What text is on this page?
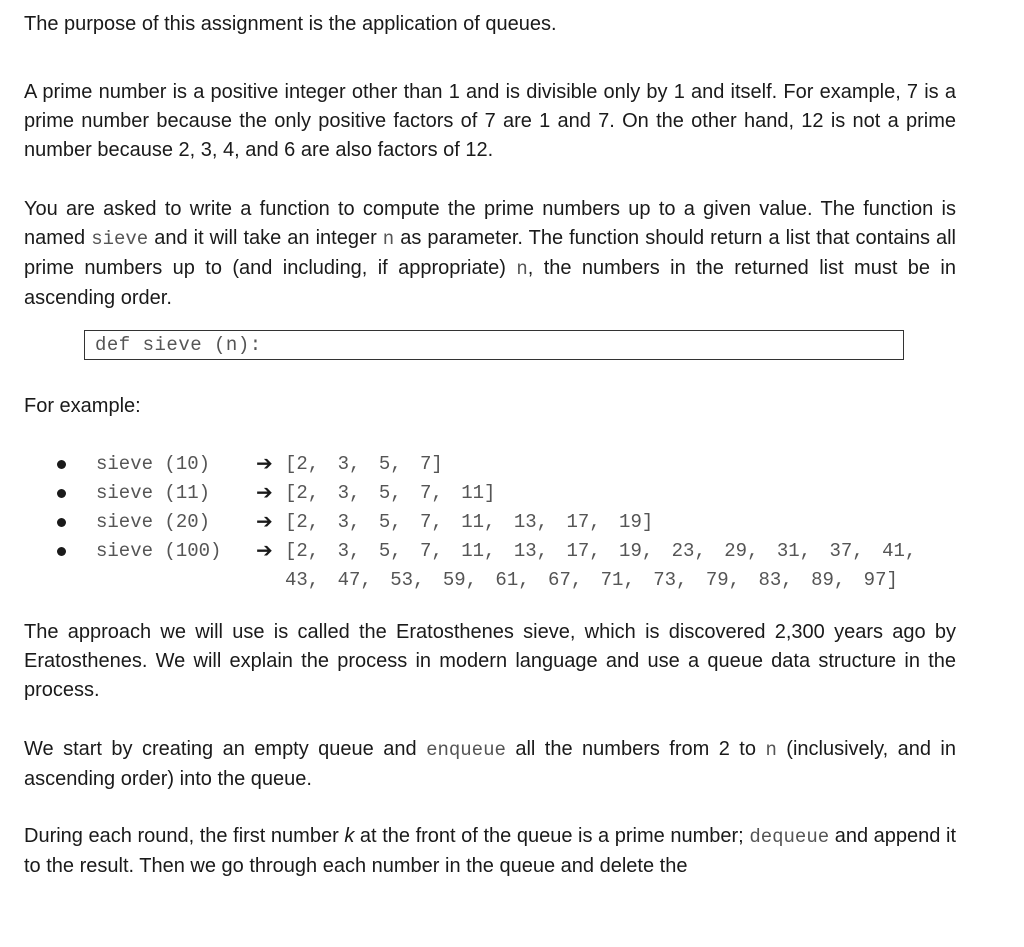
The purpose of this assignment is the application of queues.

A prime number is a positive integer other than 1 and is divisible only by 1 and itself. For example, 7 is a prime number because the only positive factors of 7 are 1 and 7. On the other hand, 12 is not a prime number because 2, 3, 4, and 6 are also factors of 12.

You are asked to write a function to compute the prime numbers up to a given value. The function is named sieve and it will take an integer n as parameter. The function should return a list that contains all prime numbers up to (and including, if appropriate) n, the numbers in the returned list must be in ascending order.

def sieve (n):

For example:

sieve (10) ➔ [2, 3, 5, 7]
sieve (11) ➔ [2, 3, 5, 7, 11]
sieve (20) ➔ [2, 3, 5, 7, 11, 13, 17, 19]
sieve (100) ➔ [2, 3, 5, 7, 11, 13, 17, 19, 23, 29, 31, 37, 41, 43, 47, 53, 59, 61, 67, 71, 73, 79, 83, 89, 97]

The approach we will use is called the Eratosthenes sieve, which is discovered 2,300 years ago by Eratosthenes. We will explain the process in modern language and use a queue data structure in the process.

We start by creating an empty queue and enqueue all the numbers from 2 to n (inclusively, and in ascending order) into the queue.

During each round, the first number k at the front of the queue is a prime number; dequeue and append it to the result. Then we go through each number in the queue and delete the
